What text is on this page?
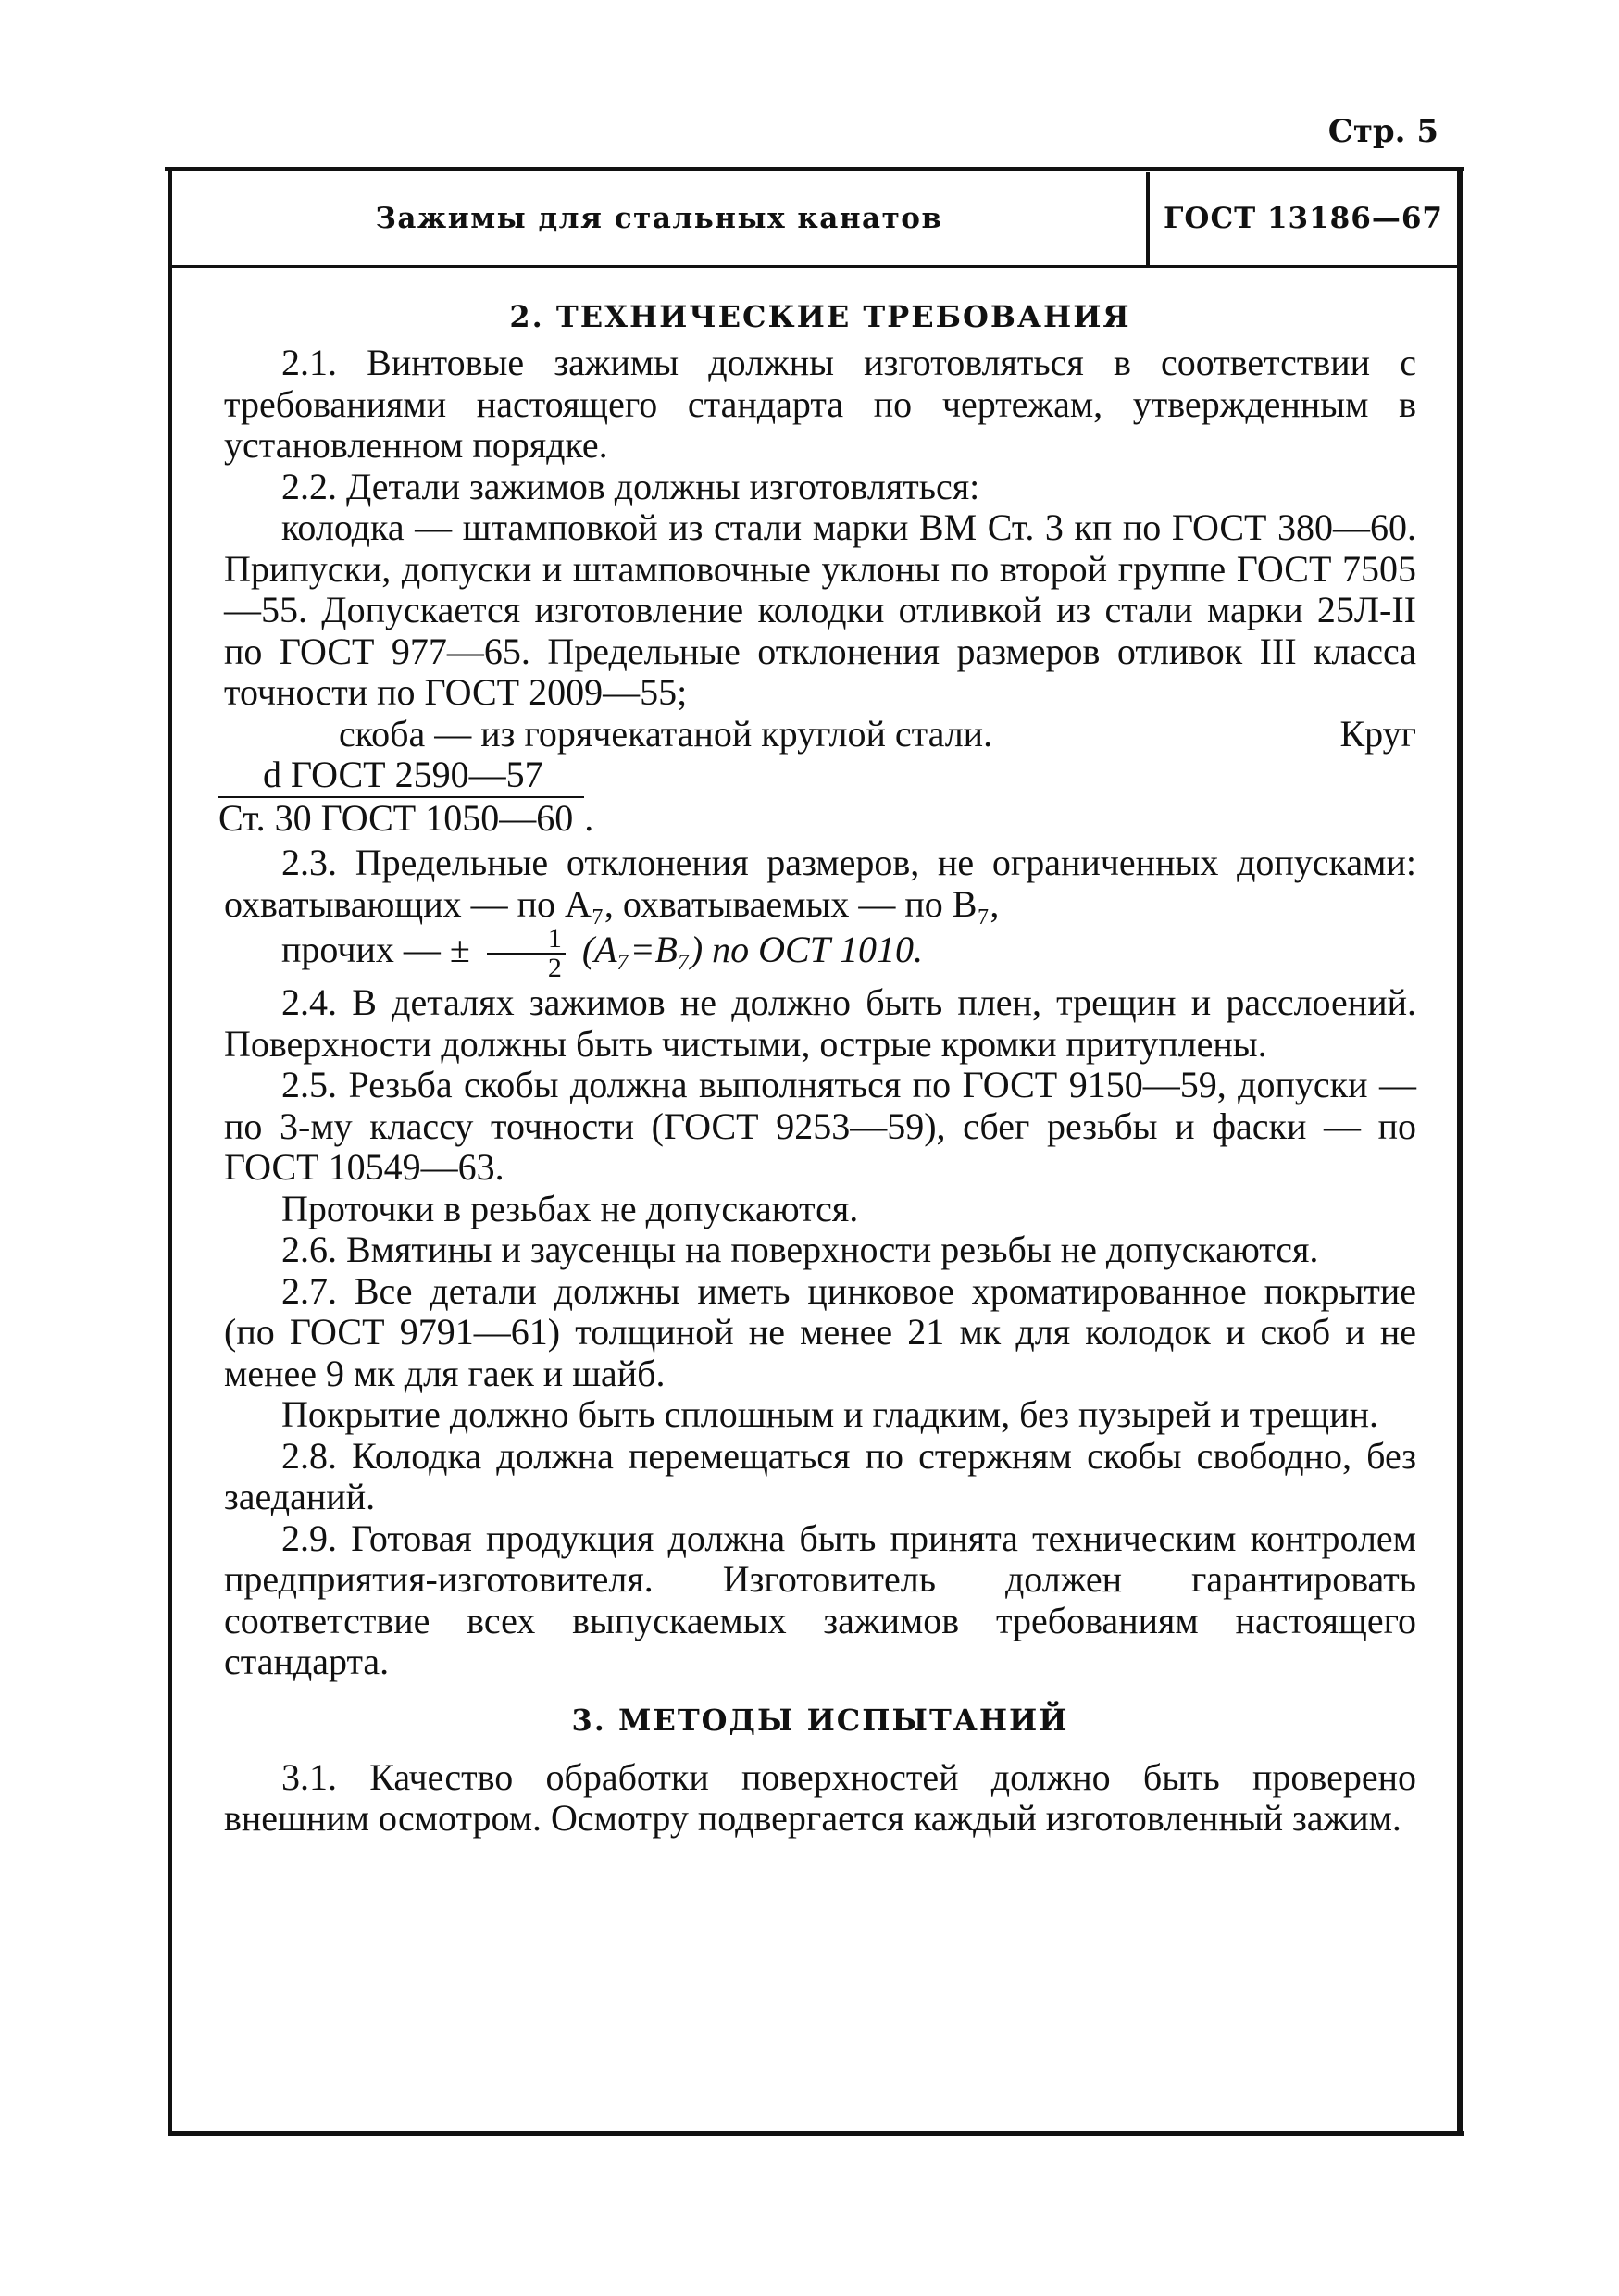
Стр. 5
Зажимы для стальных канатов	ГОСТ 13186—67

2. ТЕХНИЧЕСКИЕ ТРЕБОВАНИЯ

2.1. Винтовые зажимы должны изготовляться в соответствии с требованиями настоящего стандарта по чертежам, утвержденным в установленном порядке.

2.2. Детали зажимов должны изготовляться:

колодка — штамповкой из стали марки ВМ Ст. 3 кп по ГОСТ 380—60. Припуски, допуски и штамповочные уклоны по второй группе ГОСТ 7505—55. Допускается изготовление колодки отливкой из стали марки 25Л-II по ГОСТ 977—65. Предельные отклонения размеров отливок III класса точности по ГОСТ 2009—55;

скоба — из горячекатаной круглой стали.	Круг

d ГОСТ 2590—57
Ст. 30 ГОСТ 1050—60 .

2.3. Предельные отклонения размеров, не ограниченных допусками: охватывающих — по A₇, охватываемых — по B₇,

прочих — ± $\frac{1}{2} (A_7=B_7)$ по ОСТ 1010.

2.4. В деталях зажимов не должно быть плен, трещин и расслоений. Поверхности должны быть чистыми, острые кромки притуплены.

2.5. Резьба скобы должна выполняться по ГОСТ 9150—59, допуски — по 3-му классу точности (ГОСТ 9253—59), сбег резьбы и фаски — по ГОСТ 10549—63.

Проточки в резьбах не допускаются.

2.6. Вмятины и заусенцы на поверхности резьбы не допускаются.

2.7. Все детали должны иметь цинковое хроматированное покрытие (по ГОСТ 9791—61) толщиной не менее 21 мк для колодок и скоб и не менее 9 мк для гаек и шайб.

Покрытие должно быть сплошным и гладким, без пузырей и трещин.

2.8. Колодка должна перемещаться по стержням скобы свободно, без заеданий.

2.9. Готовая продукция должна быть принята техническим контролем предприятия-изготовителя. Изготовитель должен гарантировать соответствие всех выпускаемых зажимов требованиям настоящего стандарта.

3. МЕТОДЫ ИСПЫТАНИЙ

3.1. Качество обработки поверхностей должно быть проверено внешним осмотром. Осмотру подвергается каждый изготовленный зажим.
